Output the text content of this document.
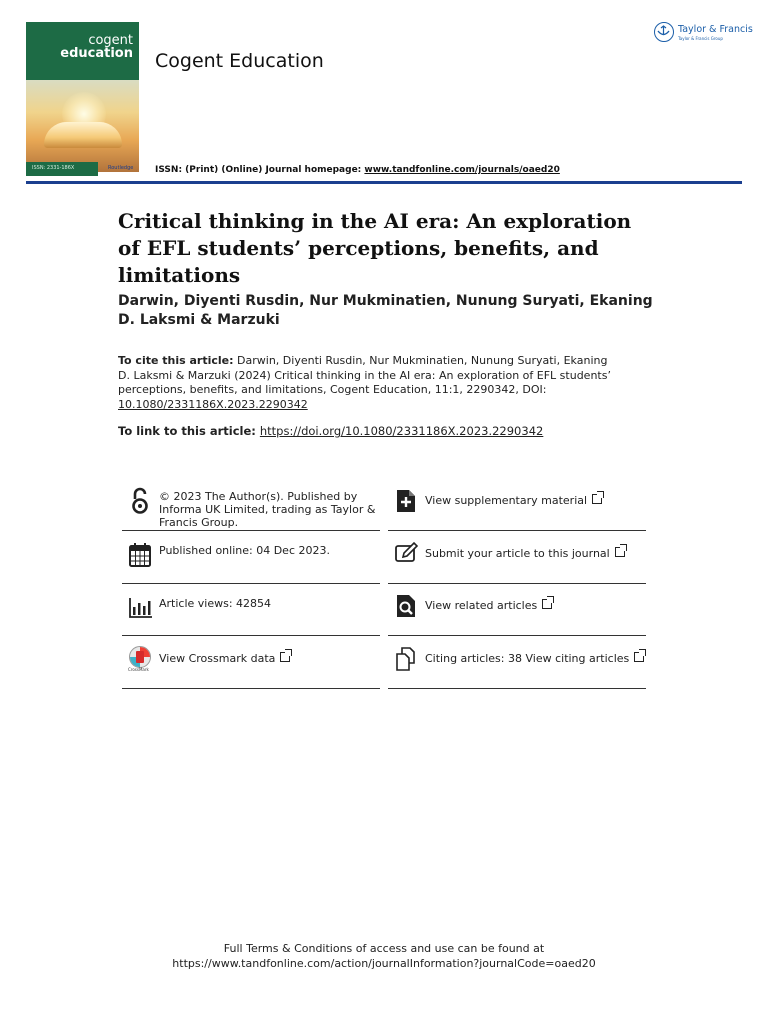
cogent
education
ISSN: 2331-186X	Routledge
Cogent Education
Taylor & Francis
Taylor & Francis Group
ISSN: (Print) (Online) Journal homepage: www.tandfonline.com/journals/oaed20
Critical thinking in the AI era: An exploration of EFL students’ perceptions, benefits, and limitations
Darwin, Diyenti Rusdin, Nur Mukminatien, Nunung Suryati, Ekaning D. Laksmi & Marzuki
To cite this article: Darwin, Diyenti Rusdin, Nur Mukminatien, Nunung Suryati, Ekaning D. Laksmi & Marzuki (2024) Critical thinking in the AI era: An exploration of EFL students’ perceptions, benefits, and limitations, Cogent Education, 11:1, 2290342, DOI: 10.1080/2331186X.2023.2290342
To link to this article: https://doi.org/10.1080/2331186X.2023.2290342
© 2023 The Author(s). Published by Informa UK Limited, trading as Taylor & Francis Group.
Published online: 04 Dec 2023.
Article views: 42854
CrossMark
View Crossmark data
View supplementary material
Submit your article to this journal
View related articles
Citing articles: 38 View citing articles
Full Terms & Conditions of access and use can be found at
https://www.tandfonline.com/action/journalInformation?journalCode=oaed20
